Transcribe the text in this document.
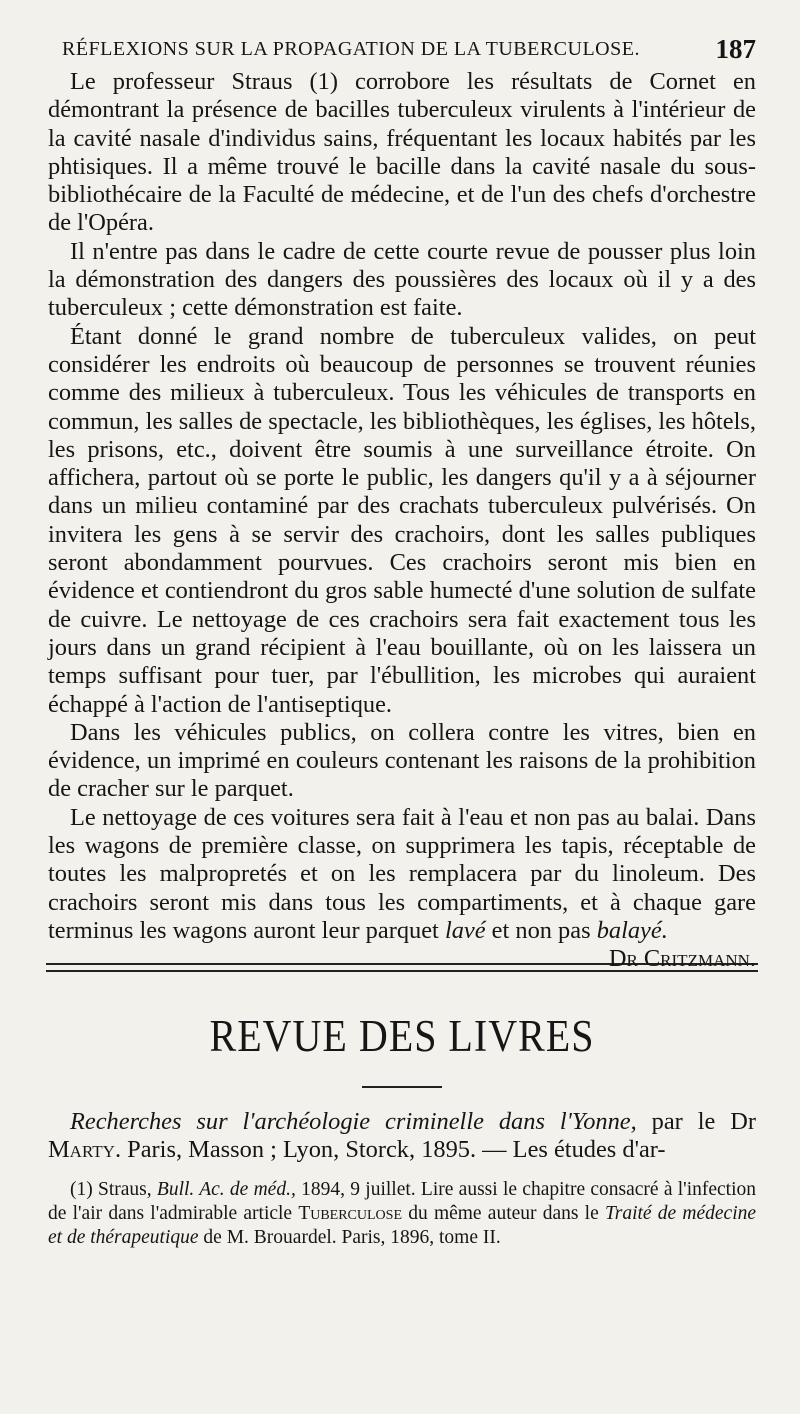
RÉFLEXIONS SUR LA PROPAGATION DE LA TUBERCULOSE.	187

Le professeur Straus (1) corrobore les résultats de Cornet en démontrant la présence de bacilles tuberculeux virulents à l'intérieur de la cavité nasale d'individus sains, fréquentant les locaux habités par les phtisiques. Il a même trouvé le bacille dans la cavité nasale du sous-bibliothécaire de la Faculté de médecine, et de l'un des chefs d'orchestre de l'Opéra.

Il n'entre pas dans le cadre de cette courte revue de pousser plus loin la démonstration des dangers des poussières des locaux où il y a des tuberculeux ; cette démonstration est faite.

Étant donné le grand nombre de tuberculeux valides, on peut considérer les endroits où beaucoup de personnes se trouvent réunies comme des milieux à tuberculeux. Tous les véhicules de transports en commun, les salles de spectacle, les bibliothèques, les églises, les hôtels, les prisons, etc., doivent être soumis à une surveillance étroite. On affichera, partout où se porte le public, les dangers qu'il y a à séjourner dans un milieu contaminé par des crachats tuberculeux pulvérisés. On invitera les gens à se servir des crachoirs, dont les salles publiques seront abondamment pourvues. Ces crachoirs seront mis bien en évidence et contiendront du gros sable humecté d'une solution de sulfate de cuivre. Le nettoyage de ces crachoirs sera fait exactement tous les jours dans un grand récipient à l'eau bouillante, où on les laissera un temps suffisant pour tuer, par l'ébullition, les microbes qui auraient échappé à l'action de l'antiseptique.

Dans les véhicules publics, on collera contre les vitres, bien en évidence, un imprimé en couleurs contenant les raisons de la prohibition de cracher sur le parquet.

Le nettoyage de ces voitures sera fait à l'eau et non pas au balai. Dans les wagons de première classe, on supprimera les tapis, réceptable de toutes les malpropretés et on les remplacera par du linoleum. Des crachoirs seront mis dans tous les compartiments, et à chaque gare terminus les wagons auront leur parquet lavé et non pas balayé.
Dr Critzmann.

REVUE DES LIVRES

Recherches sur l'archéologie criminelle dans l'Yonne, par le Dr Marty. Paris, Masson ; Lyon, Storck, 1895. — Les études d'ar-

(1) Straus, Bull. Ac. de méd., 1894, 9 juillet. Lire aussi le chapitre consacré à l'infection de l'air dans l'admirable article Tuberculose du même auteur dans le Traité de médecine et de thérapeutique de M. Brouardel. Paris, 1896, tome II.
